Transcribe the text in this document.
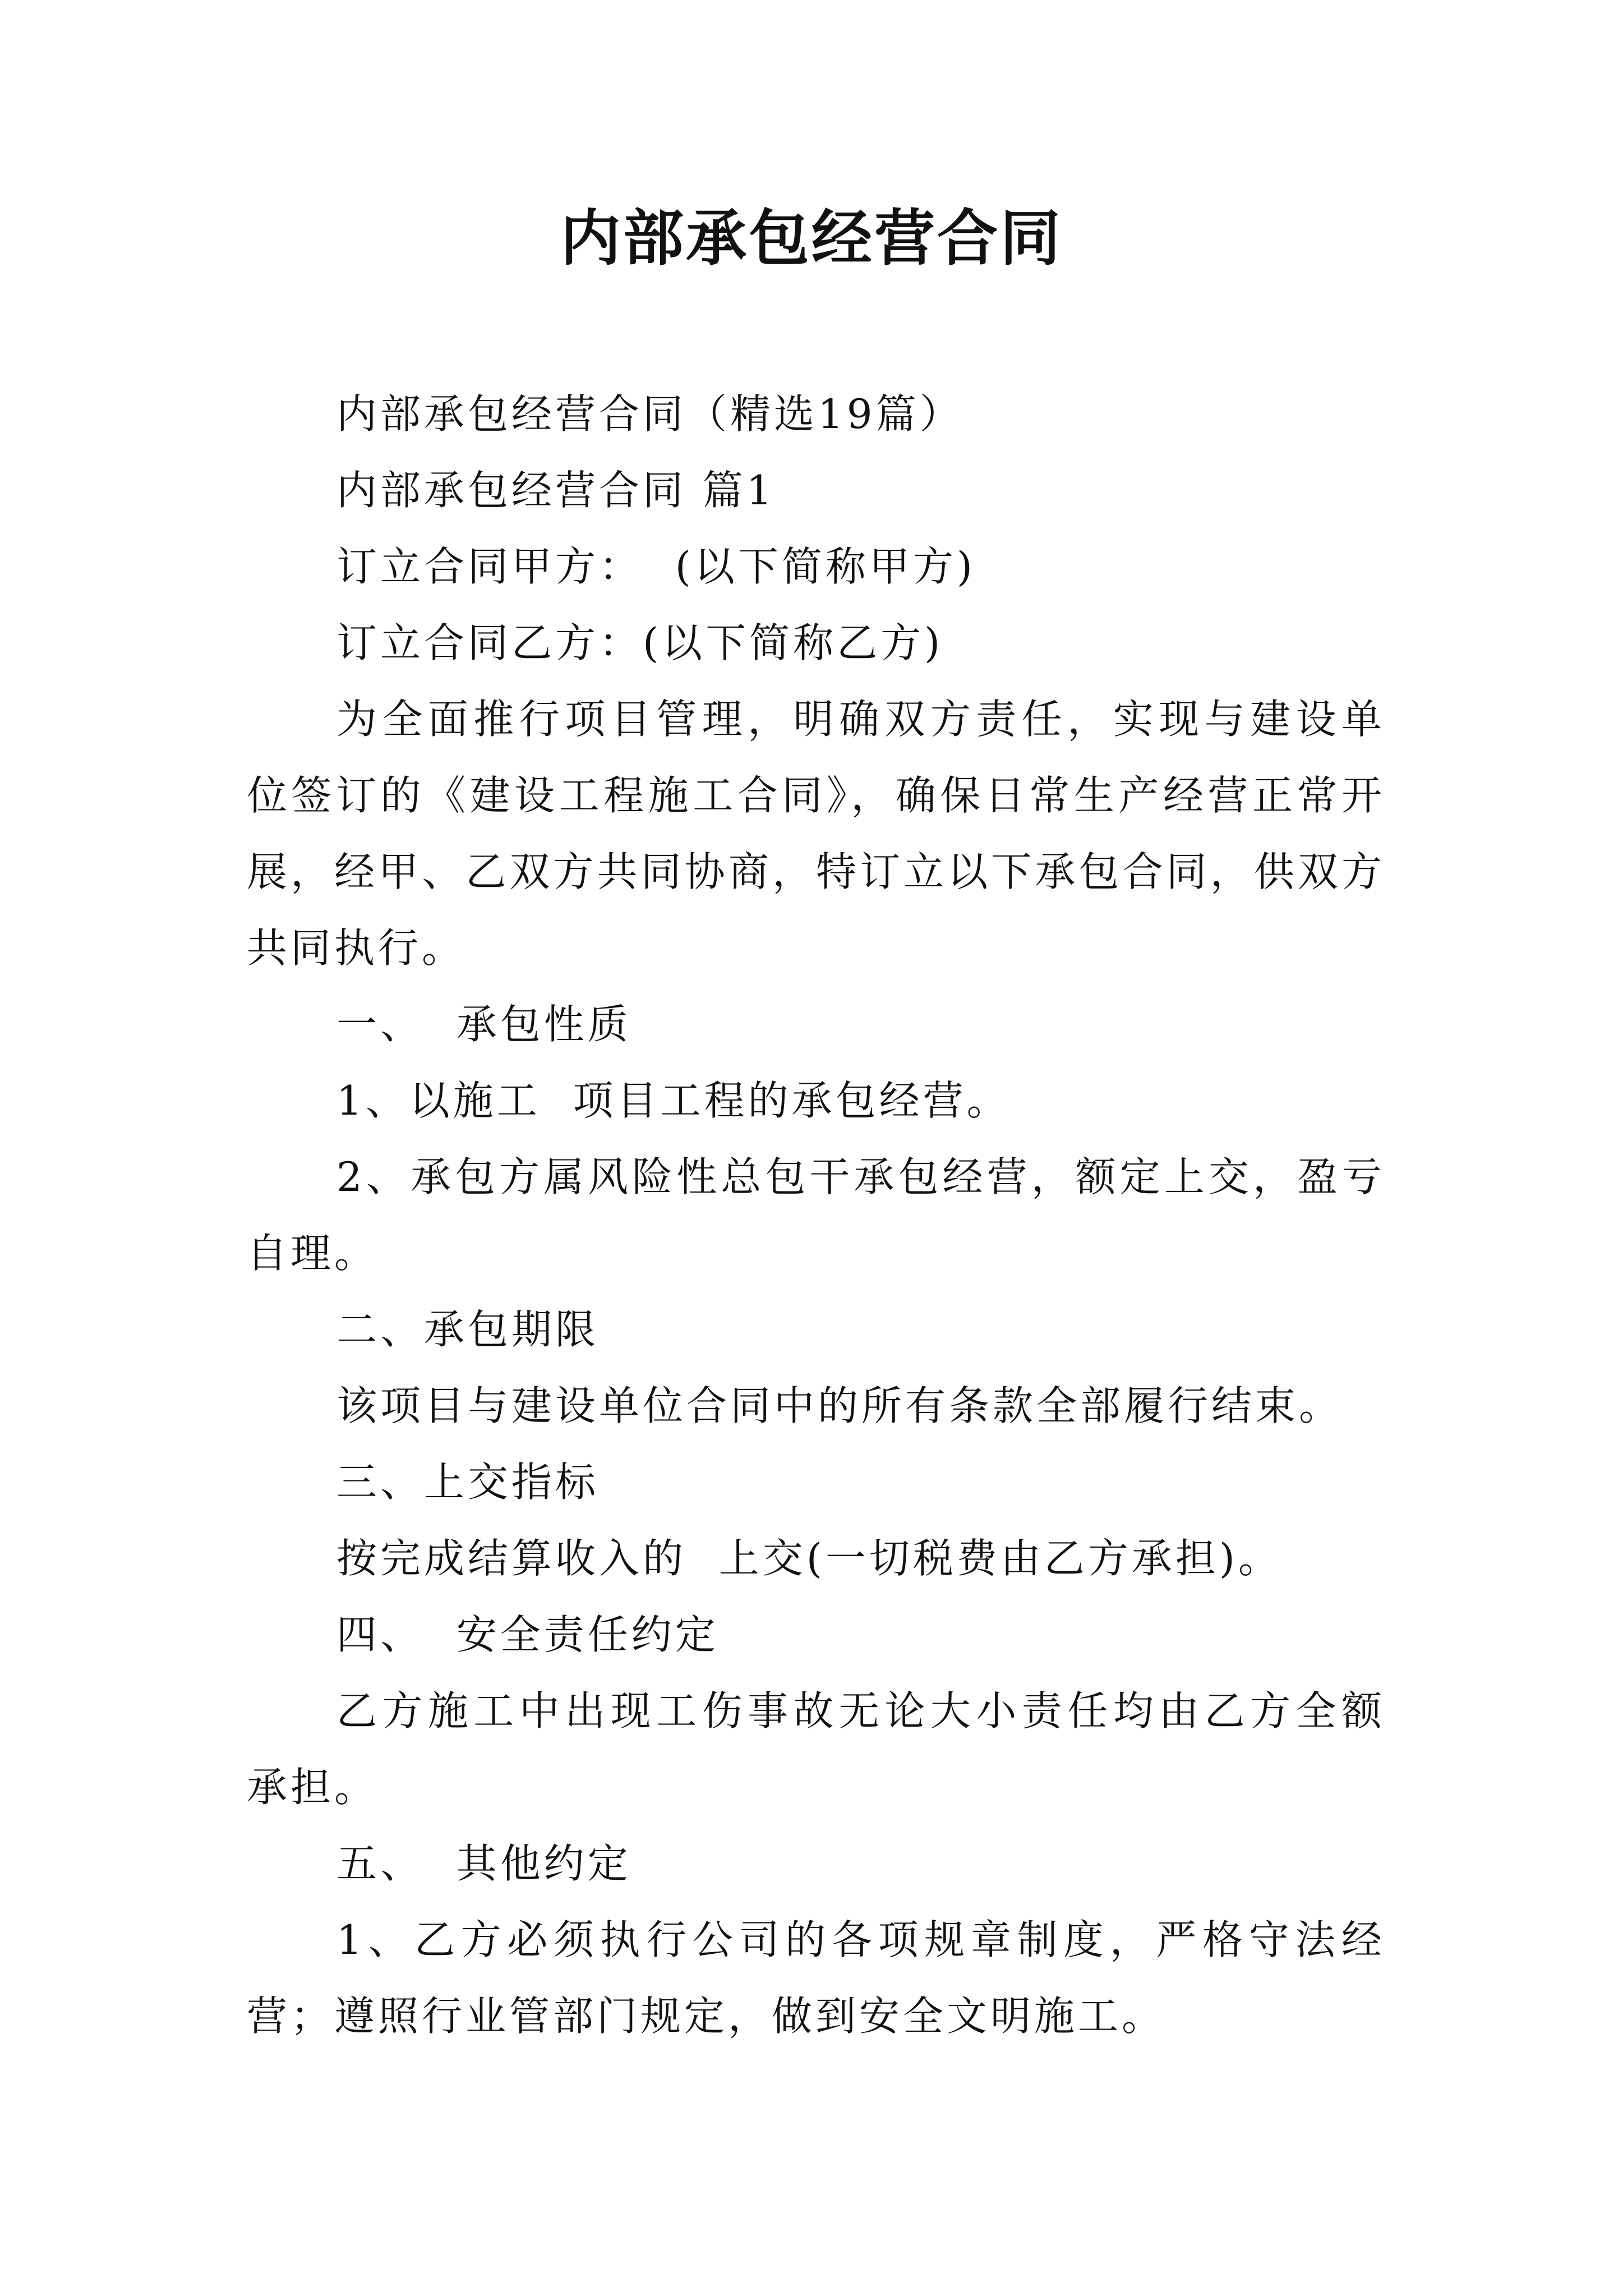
内部承包经营合同

内部承包经营合同（精选19篇）

内部承包经营合同 篇1

订立合同甲方：  (以下简称甲方)

订立合同乙方：(以下简称乙方)

为全面推行项目管理，明确双方责任，实现与建设单位签订的《建设工程施工合同》，确保日常生产经营正常开展，经甲、乙双方共同协商，特订立以下承包合同，供双方共同执行。

一、  承包性质

1、以施工  项目工程的承包经营。

2、承包方属风险性总包干承包经营，额定上交，盈亏自理。

二、承包期限

该项目与建设单位合同中的所有条款全部履行结束。

三、上交指标

按完成结算收入的  上交(一切税费由乙方承担)。

四、  安全责任约定

乙方施工中出现工伤事故无论大小责任均由乙方全额承担。

五、  其他约定

1、乙方必须执行公司的各项规章制度，严格守法经营；遵照行业管部门规定，做到安全文明施工。
